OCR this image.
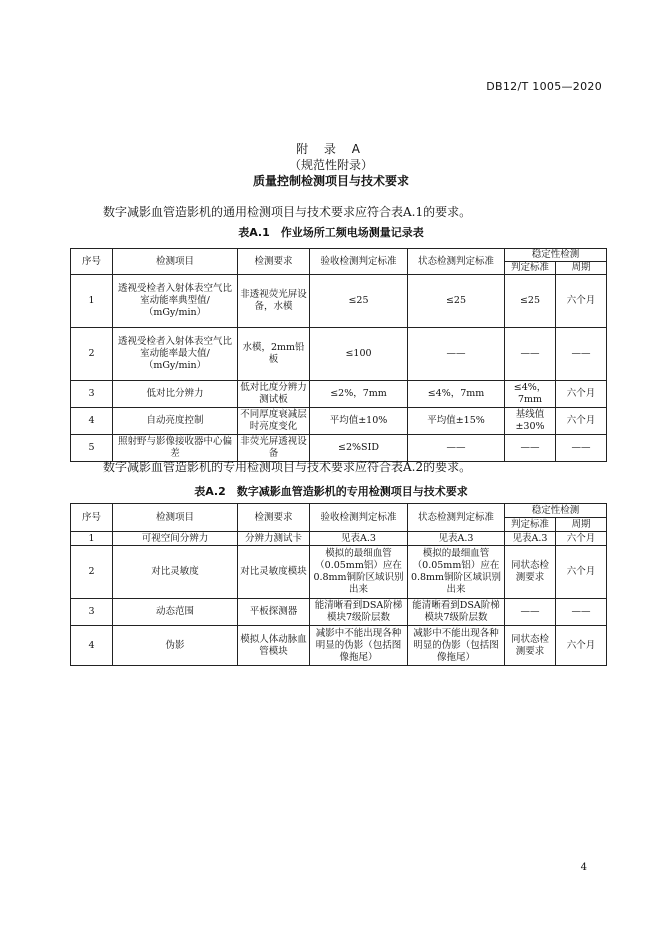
DB12/T 1005—2020
附 录 A
（规范性附录）
质量控制检测项目与技术要求
数字减影血管造影机的通用检测项目与技术要求应符合表A.1的要求。
表A.1　作业场所工频电场测量记录表
序号	检测项目	检测要求	验收检测判定标准	状态检测判定标准	稳定性检测	
					判定标准	周期
1	透视受检者入射体表空气比室动能率典型值/（mGy/min）	非透视荧光屏设备，水模	≤25	≤25	≤25	六个月
2	透视受检者入射体表空气比室动能率最大值/（mGy/min）	水模，2mm铅板	≤100	——	——	——
3	低对比分辨力	低对比度分辨力测试板	≤2%，7mm	≤4%，7mm	≤4%，7mm	六个月
4	自动亮度控制	不同厚度衰减层时亮度变化	平均值±10%	平均值±15%	基线值±30%	六个月
5	照射野与影像接收器中心偏差	非荧光屏透视设备	≤2%SID	——	——	——
数字减影血管造影机的专用检测项目与技术要求应符合表A.2的要求。
表A.2　数字减影血管造影机的专用检测项目与技术要求
序号	检测项目	检测要求	验收检测判定标准	状态检测判定标准	稳定性检测	
					判定标准	周期
1	可视空间分辨力	分辨力测试卡	见表A.3	见表A.3	见表A.3	六个月
2	对比灵敏度	对比灵敏度模块	模拟的最细血管（0.05mm铝）应在0.8mm铜阶区域识别出来	模拟的最细血管（0.05mm铝）应在0.8mm铜阶区域识别出来	同状态检测要求	六个月
3	动态范围	平板探测器	能清晰看到DSA阶梯模块7级阶层数	能清晰看到DSA阶梯模块7级阶层数	——	——
4	伪影	模拟人体动脉血管模块	减影中不能出现各种明显的伪影（包括图像拖尾）	减影中不能出现各种明显的伪影（包括图像拖尾）	同状态检测要求	六个月
4
